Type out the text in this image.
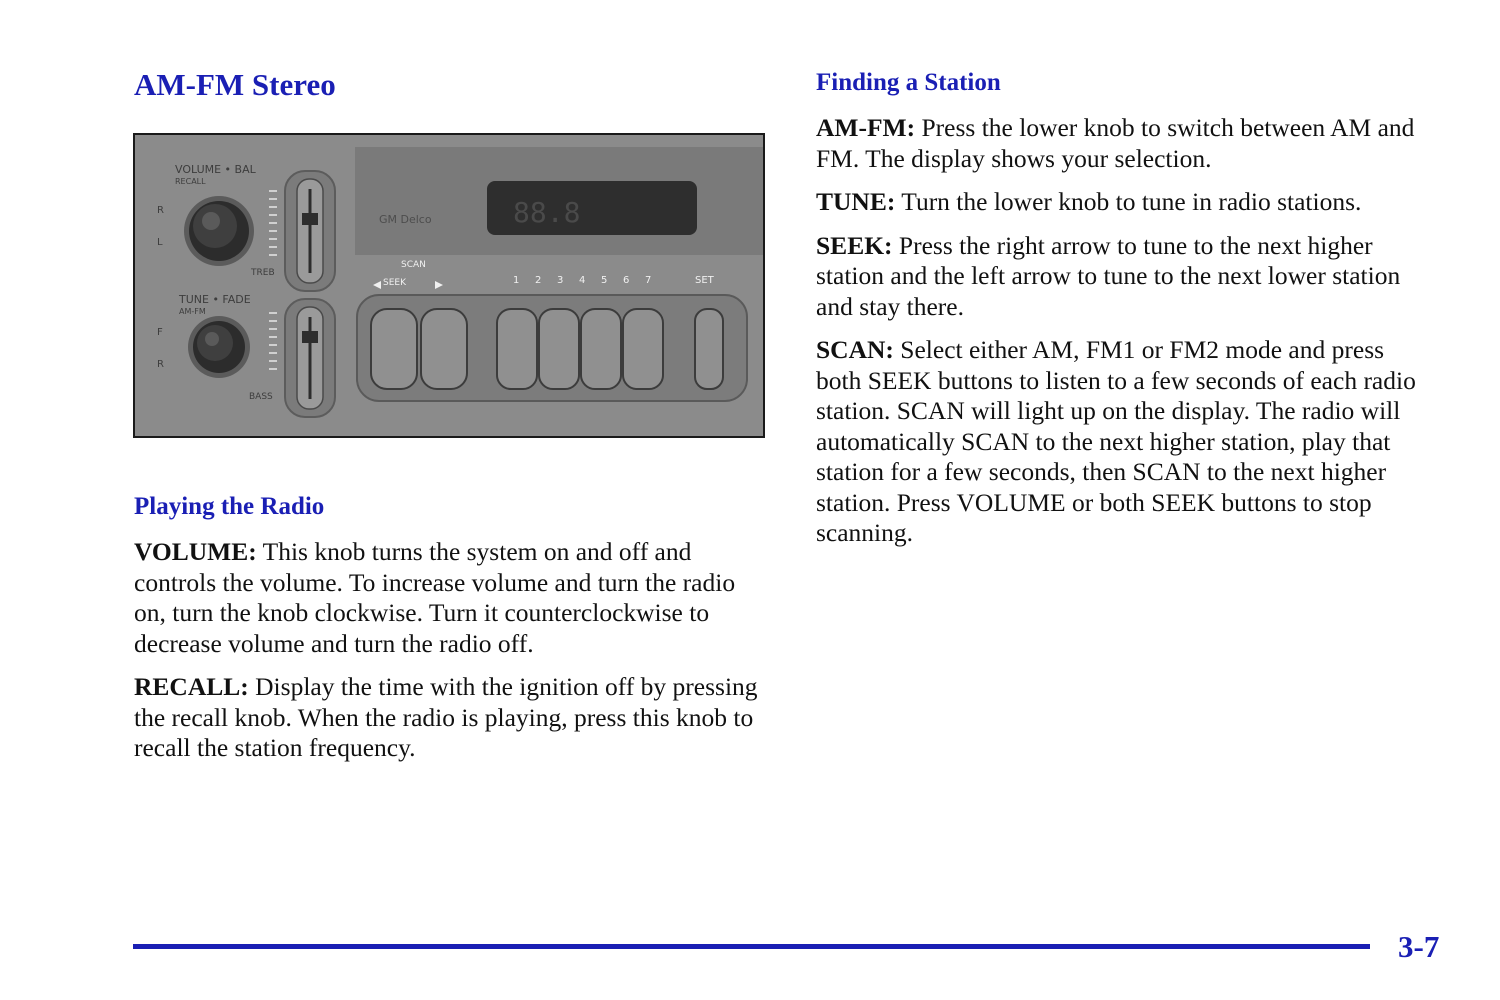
AM-FM Stereo
88.8
GM Delco
VOLUME • BAL
RECALL
R
L
TUNE • FADE
AM-FM
F
R
TREB
BASS
SCAN
SEEK	1 2 3 4 5 6 7	SET
Playing the Radio

VOLUME: This knob turns the system on and off and controls the volume. To increase volume and turn the radio on, turn the knob clockwise. Turn it counterclockwise to decrease volume and turn the radio off.

RECALL: Display the time with the ignition off by pressing the recall knob. When the radio is playing, press this knob to recall the station frequency.

Finding a Station

AM-FM: Press the lower knob to switch between AM and FM. The display shows your selection.

TUNE: Turn the lower knob to tune in radio stations.

SEEK: Press the right arrow to tune to the next higher station and the left arrow to tune to the next lower station and stay there.

SCAN: Select either AM, FM1 or FM2 mode and press both SEEK buttons to listen to a few seconds of each radio station. SCAN will light up on the display. The radio will automatically SCAN to the next higher station, play that station for a few seconds, then SCAN to the next higher station. Press VOLUME or both SEEK buttons to stop scanning.

3-7
